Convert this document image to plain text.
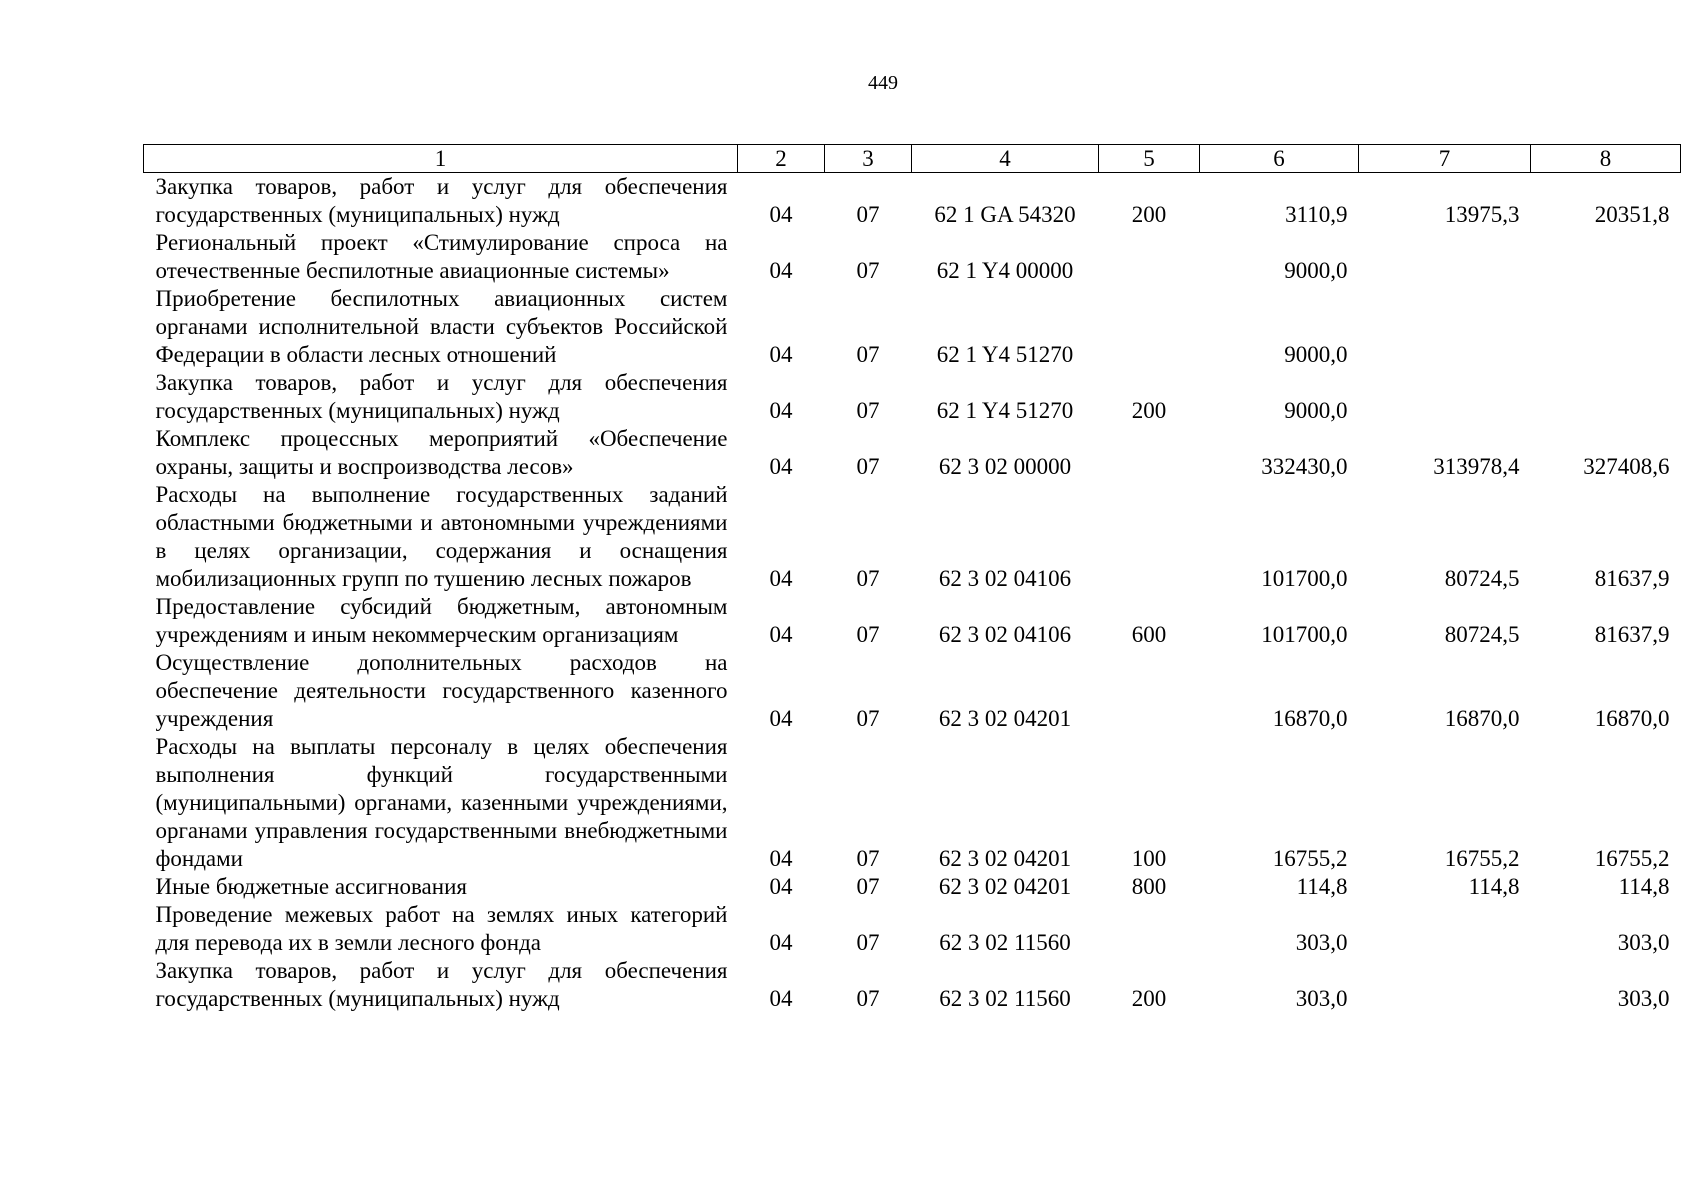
449
1	2	3	4	5	6	7	8
Закупка товаров, работ и услуг для обеспечения государственных (муниципальных) нужд	04	07	62 1 GA 54320	200	3110,9	13975,3	20351,8
Региональный проект «Стимулирование спроса на отечественные беспилотные авиационные системы»	04	07	62 1 Y4 00000		9000,0		
Приобретение беспилотных авиационных систем органами исполнительной власти субъектов Российской Федерации в области лесных отношений	04	07	62 1 Y4 51270		9000,0		
Закупка товаров, работ и услуг для обеспечения государственных (муниципальных) нужд	04	07	62 1 Y4 51270	200	9000,0		
Комплекс процессных мероприятий «Обеспечение охраны, защиты и воспроизводства лесов»	04	07	62 3 02 00000		332430,0	313978,4	327408,6
Расходы на выполнение государственных заданий областными бюджетными и автономными учреждениями в целях организации, содержания и оснащения мобилизационных групп по тушению лесных пожаров	04	07	62 3 02 04106		101700,0	80724,5	81637,9
Предоставление субсидий бюджетным, автономным учреждениям и иным некоммерческим организациям	04	07	62 3 02 04106	600	101700,0	80724,5	81637,9
Осуществление дополнительных расходов на обеспечение деятельности государственного казенного учреждения	04	07	62 3 02 04201		16870,0	16870,0	16870,0
Расходы на выплаты персоналу в целях обеспечения выполнения функций государственными (муниципальными) органами, казенными учреждениями, органами управления государственными внебюджетными фондами	04	07	62 3 02 04201	100	16755,2	16755,2	16755,2
Иные бюджетные ассигнования	04	07	62 3 02 04201	800	114,8	114,8	114,8
Проведение межевых работ на землях иных категорий для перевода их в земли лесного фонда	04	07	62 3 02 11560		303,0		303,0
Закупка товаров, работ и услуг для обеспечения государственных (муниципальных) нужд	04	07	62 3 02 11560	200	303,0		303,0
